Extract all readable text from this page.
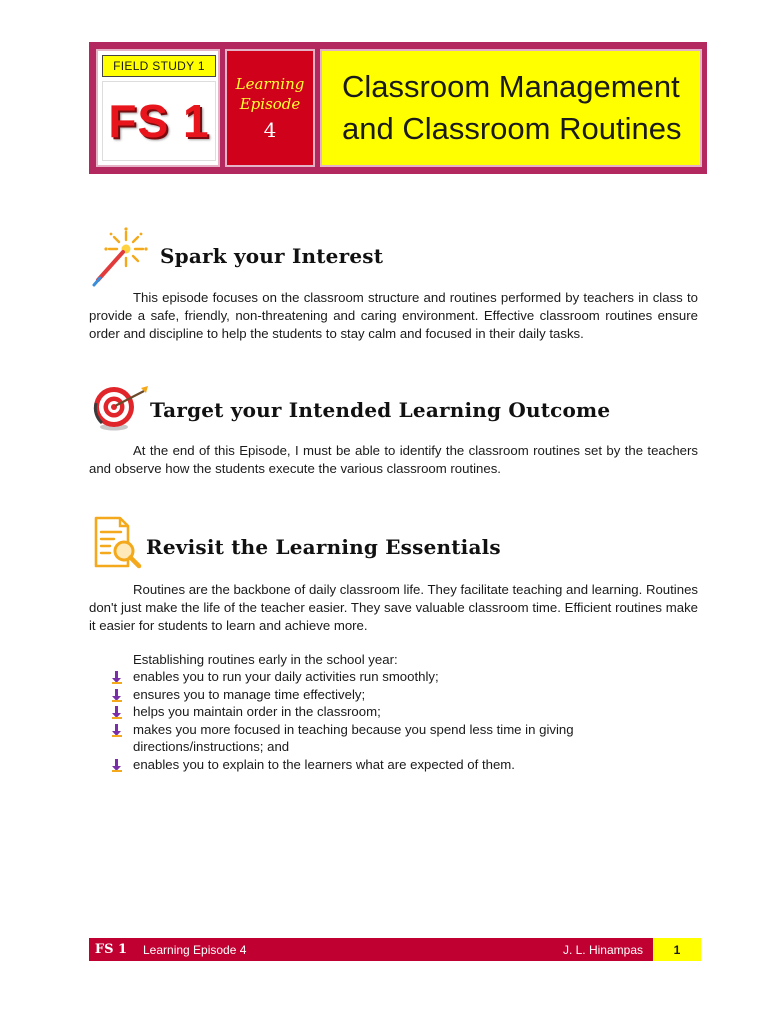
FIELD STUDY 1
FS 1
Learning
Episode
4
Classroom Management
and Classroom Routines
Spark your Interest
This episode focuses on the classroom structure and routines performed by teachers in class to provide a safe, friendly, non-threatening and caring environment. Effective classroom routines ensure order and discipline to help the students to stay calm and focused in their daily tasks.
Target your Intended Learning Outcome
At the end of this Episode, I must be able to identify the classroom routines set by the teachers and observe how the students execute the various classroom routines.
Revisit the Learning Essentials
Routines are the backbone of daily classroom life. They facilitate teaching and learning. Routines don't just make the life of the teacher easier. They save valuable classroom time. Efficient routines make it easier for students to learn and achieve more.
Establishing routines early in the school year:
enables you to run your daily activities run smoothly;
ensures you to manage time effectively;
helps you maintain order in the classroom;
makes you more focused in teaching because you spend less time in giving directions/instructions; and
enables you to explain to the learners what are expected of them.
FS 1	Learning Episode 4	J. L. Hinampas	1
